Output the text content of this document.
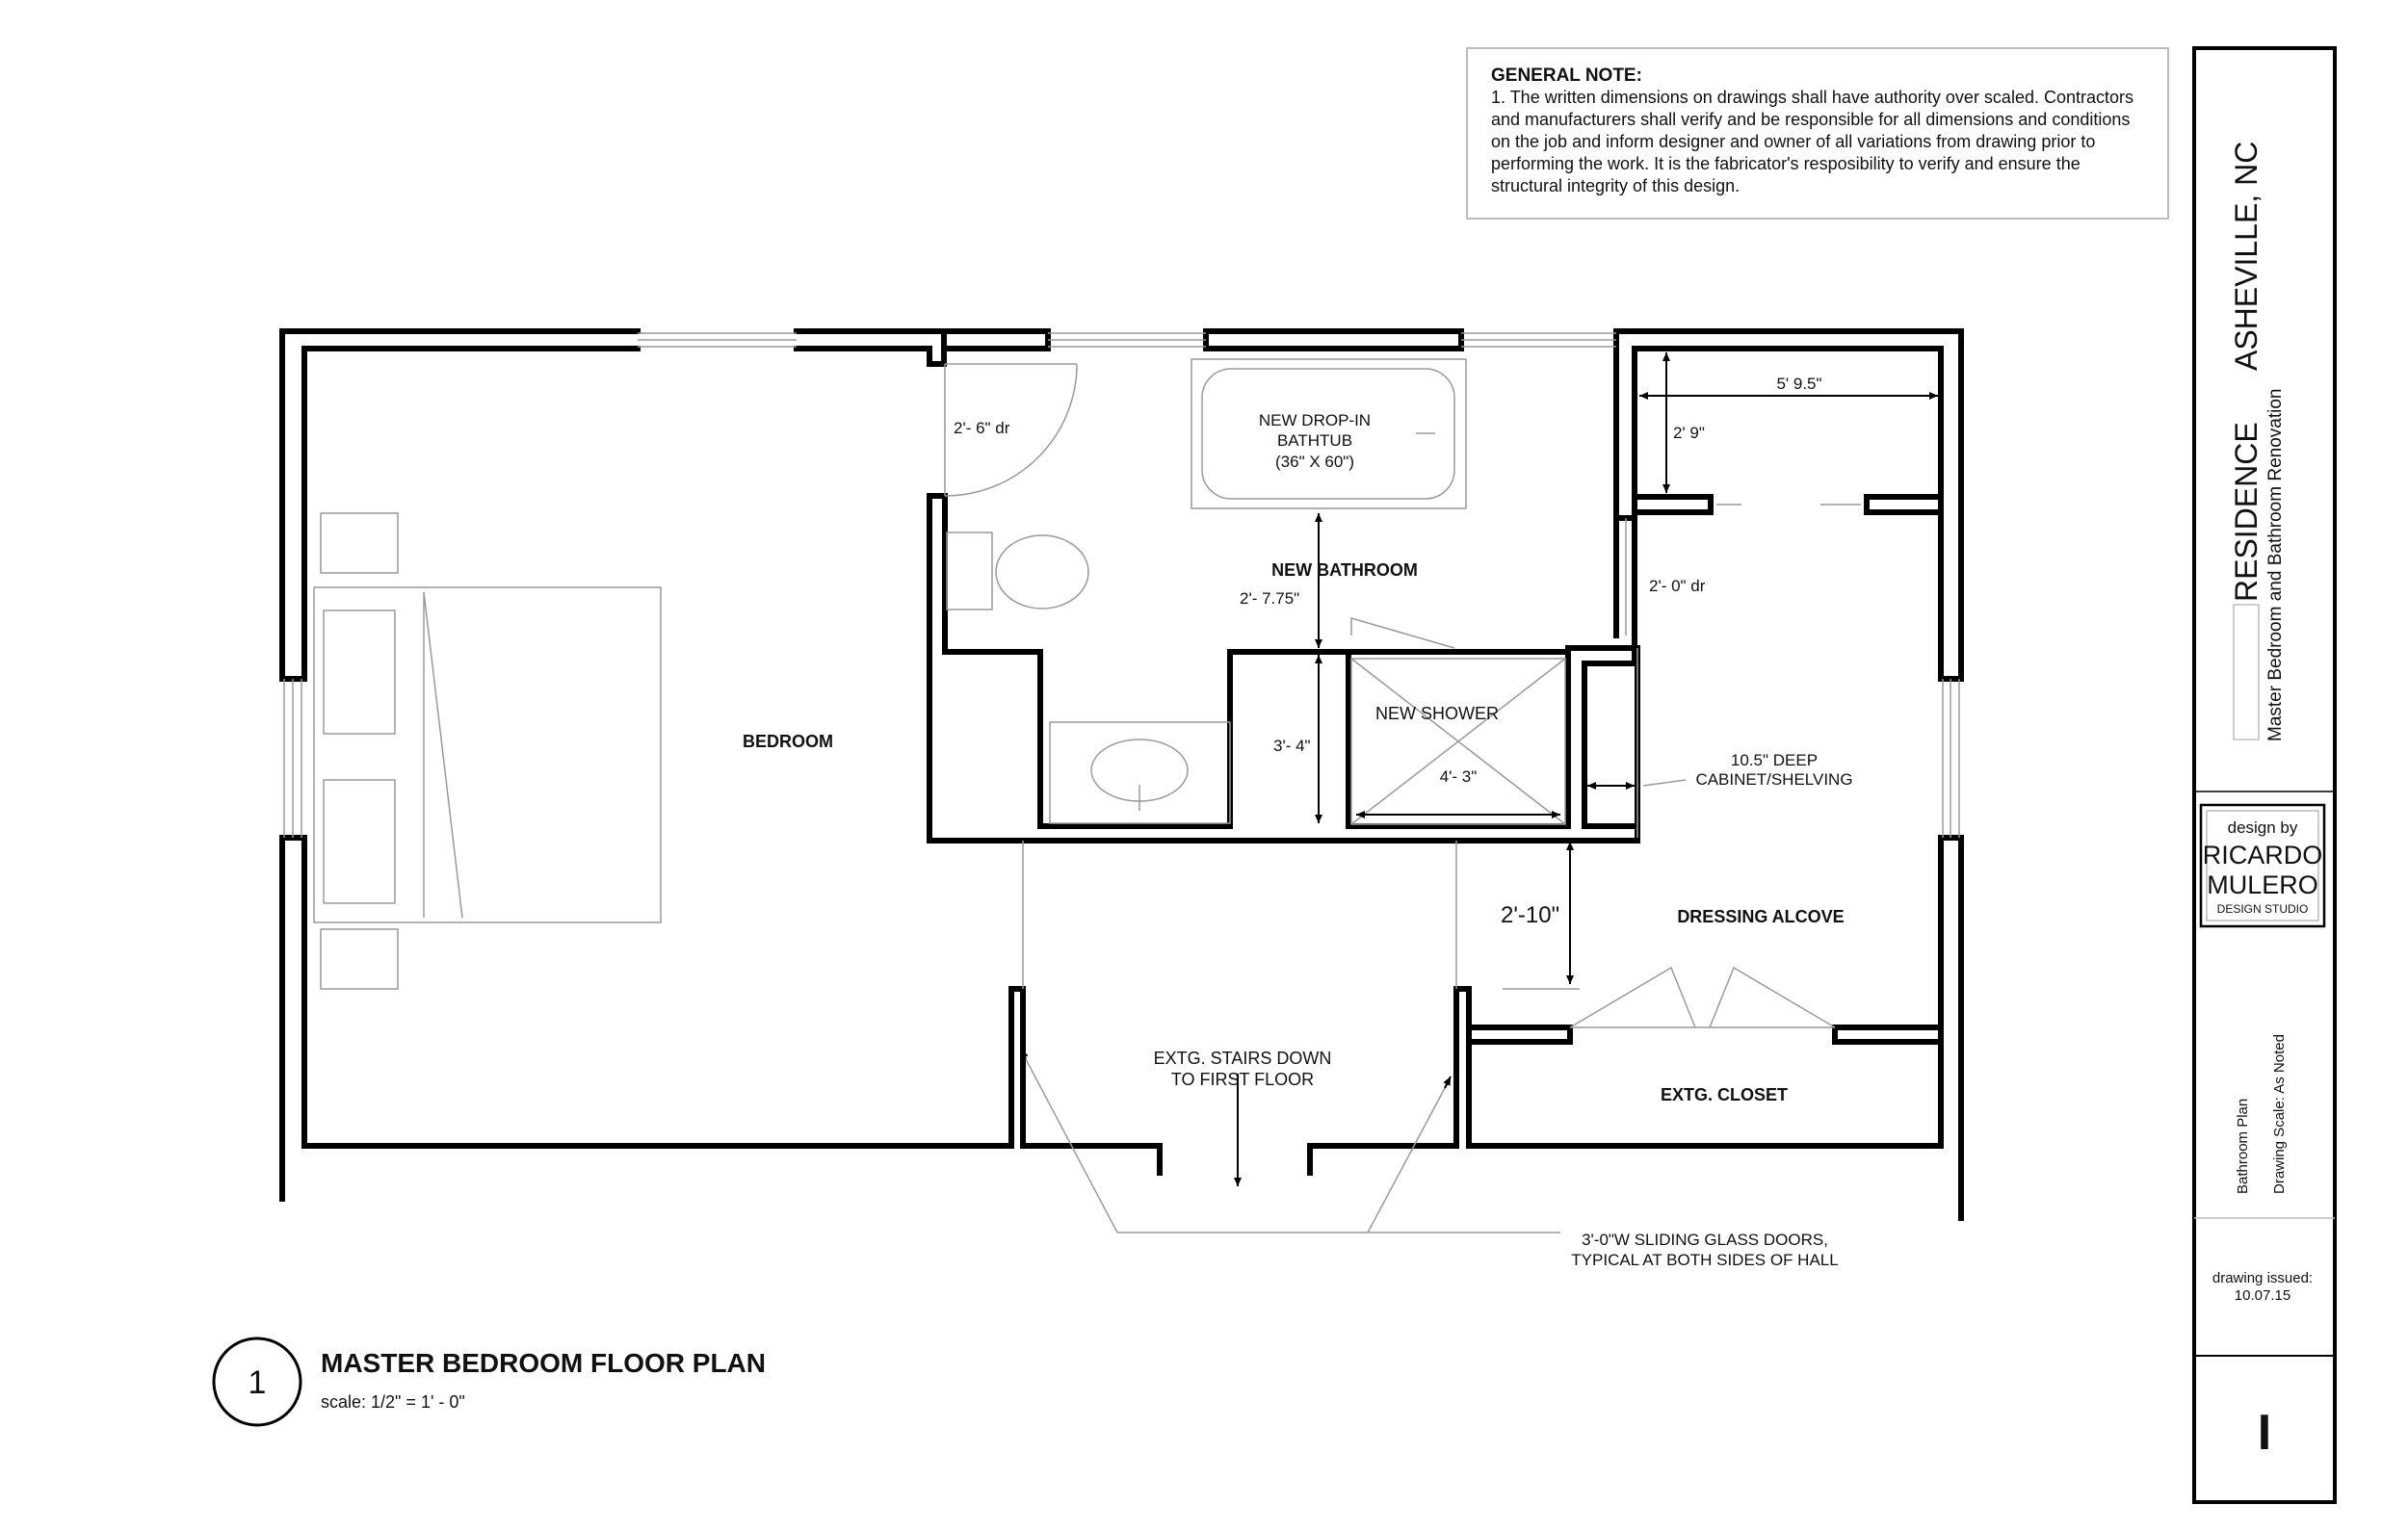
GENERAL NOTE:
1. The written dimensions on drawings shall have authority over scaled. Contractors and manufacturers shall verify and be responsible for all dimensions and conditions on the job and inform designer and owner of all variations from drawing prior to performing the work. It is the fabricator's resposibility to verify and ensure the structural integrity of this design.
BEDROOM
NEW BATHROOM
NEW SHOWER
DRESSING ALCOVE
EXTG. CLOSET
NEW DROP-IN
BATHTUB
(36" X 60")
EXTG. STAIRS DOWN
TO FIRST FLOOR
10.5" DEEP
CABINET/SHELVING
3'-0"W SLIDING GLASS DOORS,
TYPICAL AT BOTH SIDES OF HALL
2'- 6" dr
2'- 0" dr
5' 9.5"
2' 9"
2'- 7.75"
3'- 4"
4'- 3"
2'-10"
1
MASTER BEDROOM FLOOR PLAN
scale: 1/2" = 1' - 0"
RESIDENCE
ASHEVILLE, NC
Master Bedroom and Bathroom Renovation
design by
RICARDO
MULERO
DESIGN STUDIO
Bathroom Plan Drawing Scale: As Noted
drawing issued:
10.07.15
I
